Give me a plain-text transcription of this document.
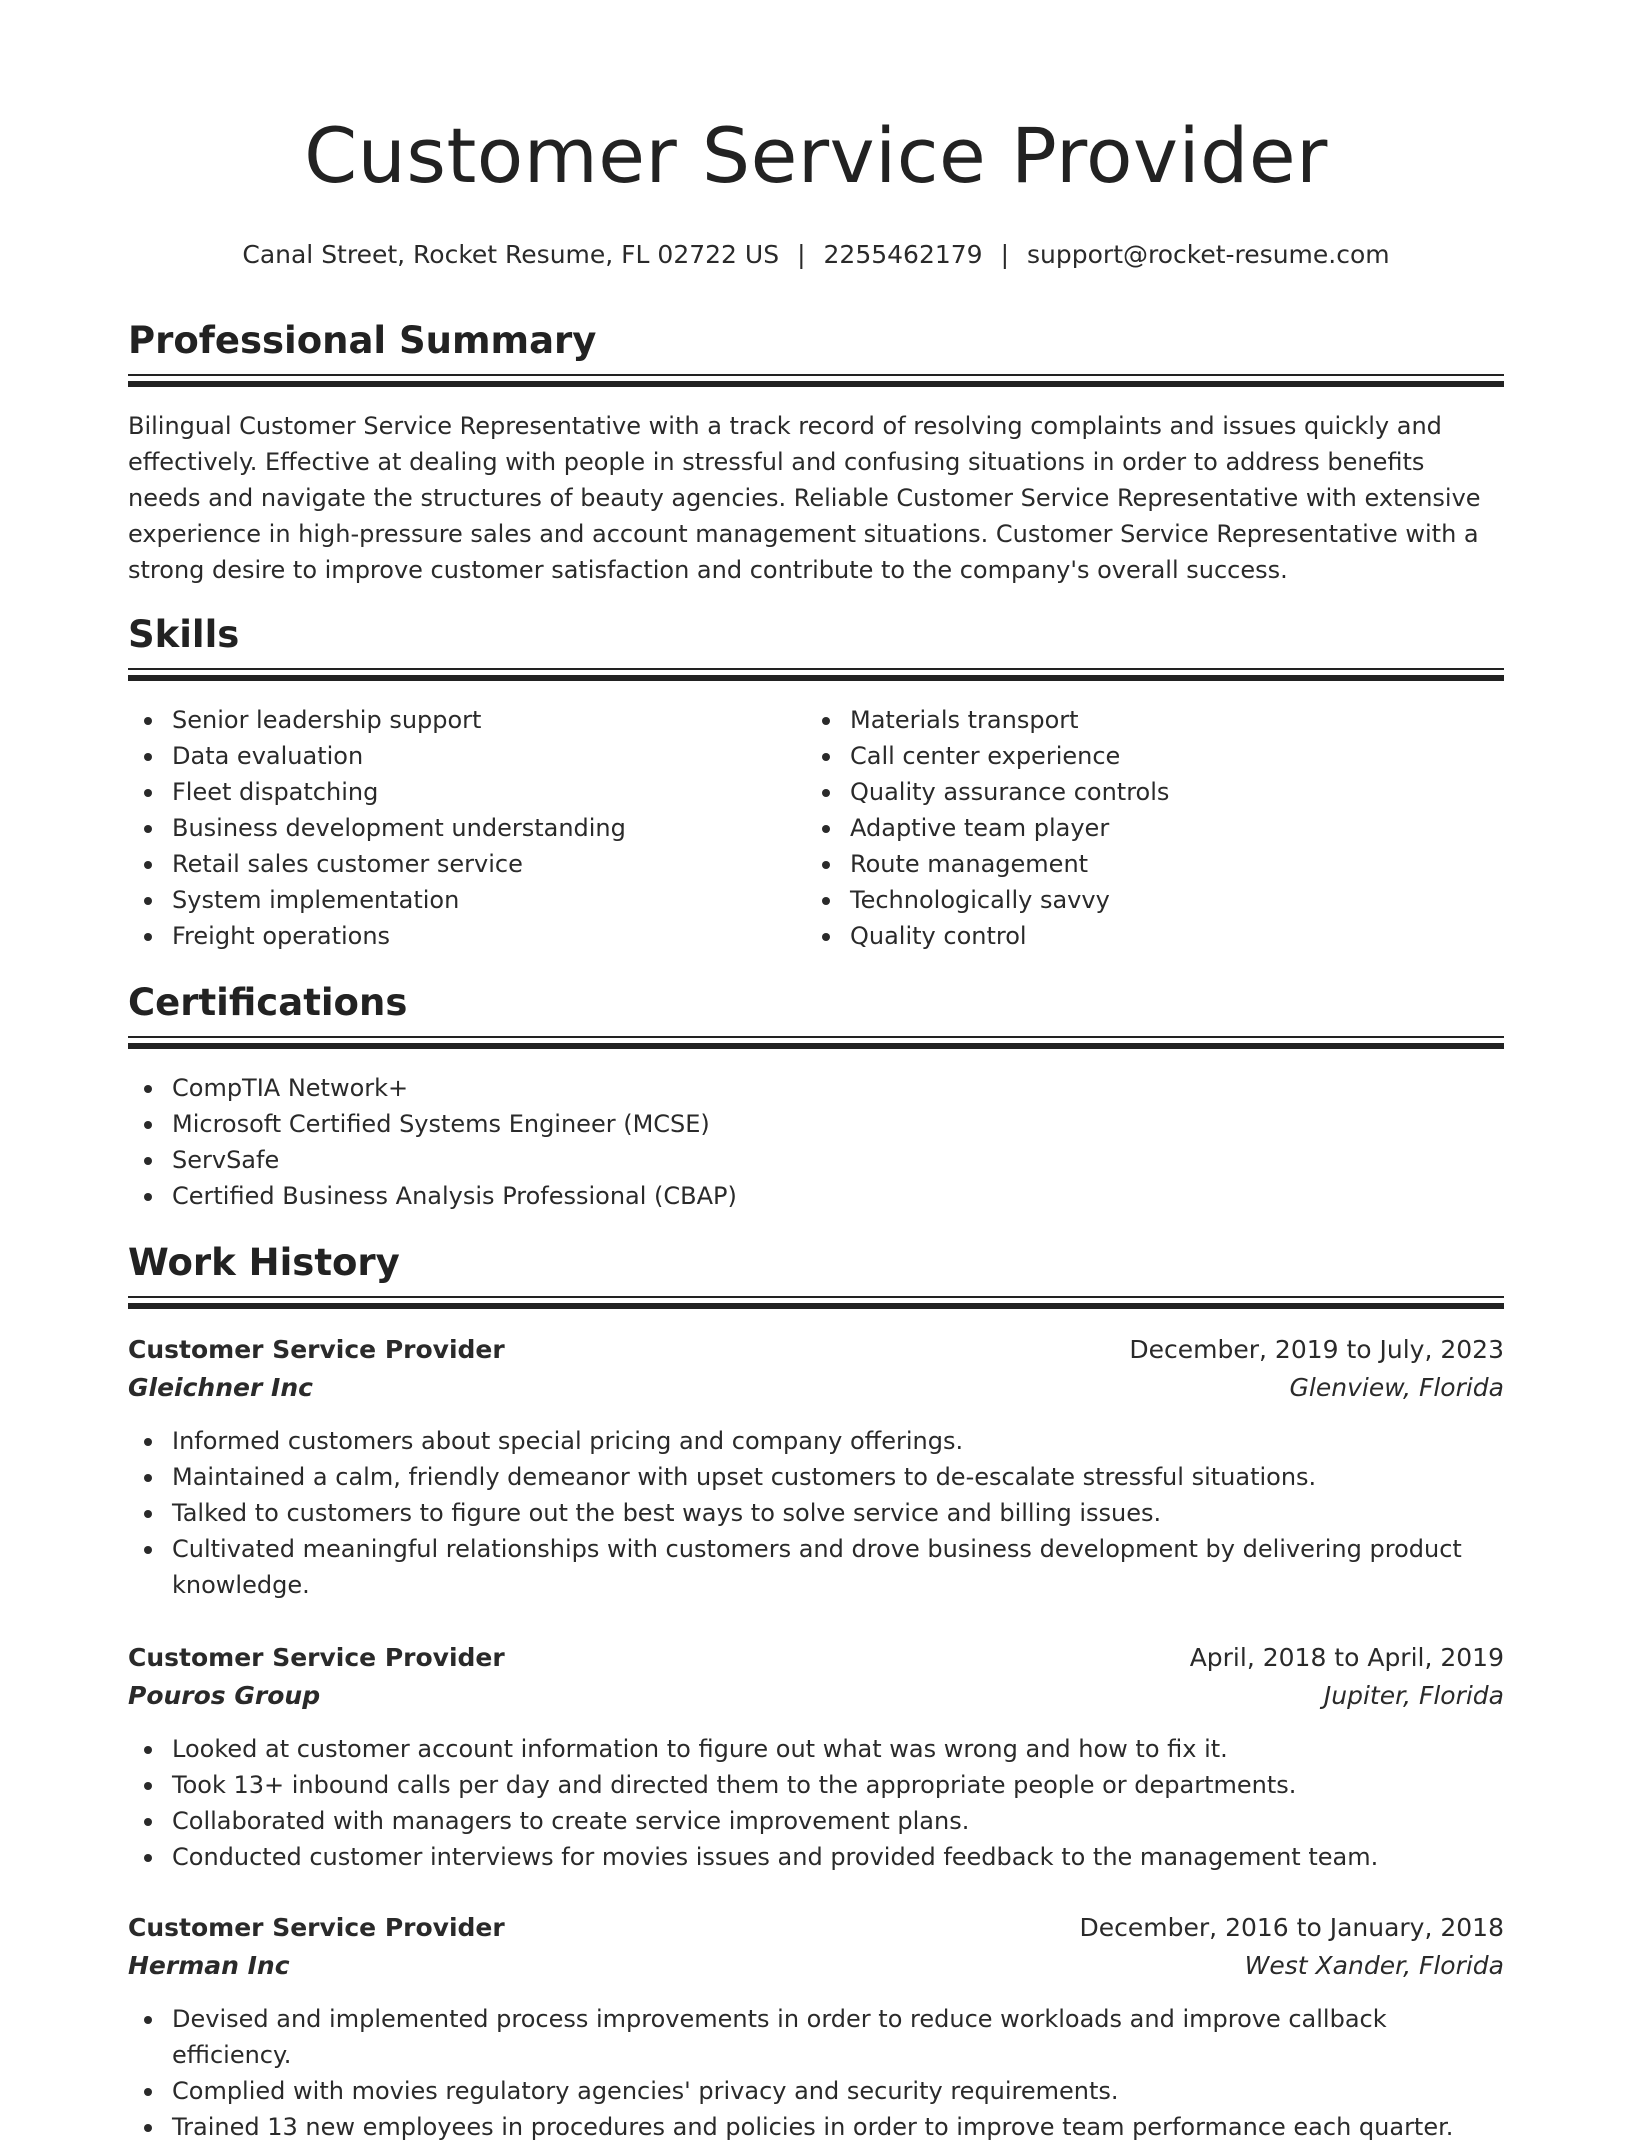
Customer Service Provider
Canal Street, Rocket Resume, FL 02722 US | 2255462179 | support@rocket-resume.com
Professional Summary

Bilingual Customer Service Representative with a track record of resolving complaints and issues quickly and effectively. Effective at dealing with people in stressful and confusing situations in order to address benefits needs and navigate the structures of beauty agencies. Reliable Customer Service Representative with extensive experience in high-pressure sales and account management situations. Customer Service Representative with a strong desire to improve customer satisfaction and contribute to the company's overall success.

Skills
Senior leadership support
Data evaluation
Fleet dispatching
Business development understanding
Retail sales customer service
System implementation
Freight operations
Materials transport
Call center experience
Quality assurance controls
Adaptive team player
Route management
Technologically savvy
Quality control
Certifications
CompTIA Network+
Microsoft Certified Systems Engineer (MCSE)
ServSafe
Certified Business Analysis Professional (CBAP)
Work History
Customer Service Provider	December, 2019 to July, 2023
Gleichner Inc	Glenview, Florida
Informed customers about special pricing and company offerings.
Maintained a calm, friendly demeanor with upset customers to de-escalate stressful situations.
Talked to customers to figure out the best ways to solve service and billing issues.
Cultivated meaningful relationships with customers and drove business development by delivering product knowledge.
Customer Service Provider	April, 2018 to April, 2019
Pouros Group	Jupiter, Florida
Looked at customer account information to figure out what was wrong and how to fix it.
Took 13+ inbound calls per day and directed them to the appropriate people or departments.
Collaborated with managers to create service improvement plans.
Conducted customer interviews for movies issues and provided feedback to the management team.
Customer Service Provider	December, 2016 to January, 2018
Herman Inc	West Xander, Florida
Devised and implemented process improvements in order to reduce workloads and improve callback efficiency.
Complied with movies regulatory agencies' privacy and security requirements.
Trained 13 new employees in procedures and policies in order to improve team performance each quarter.
